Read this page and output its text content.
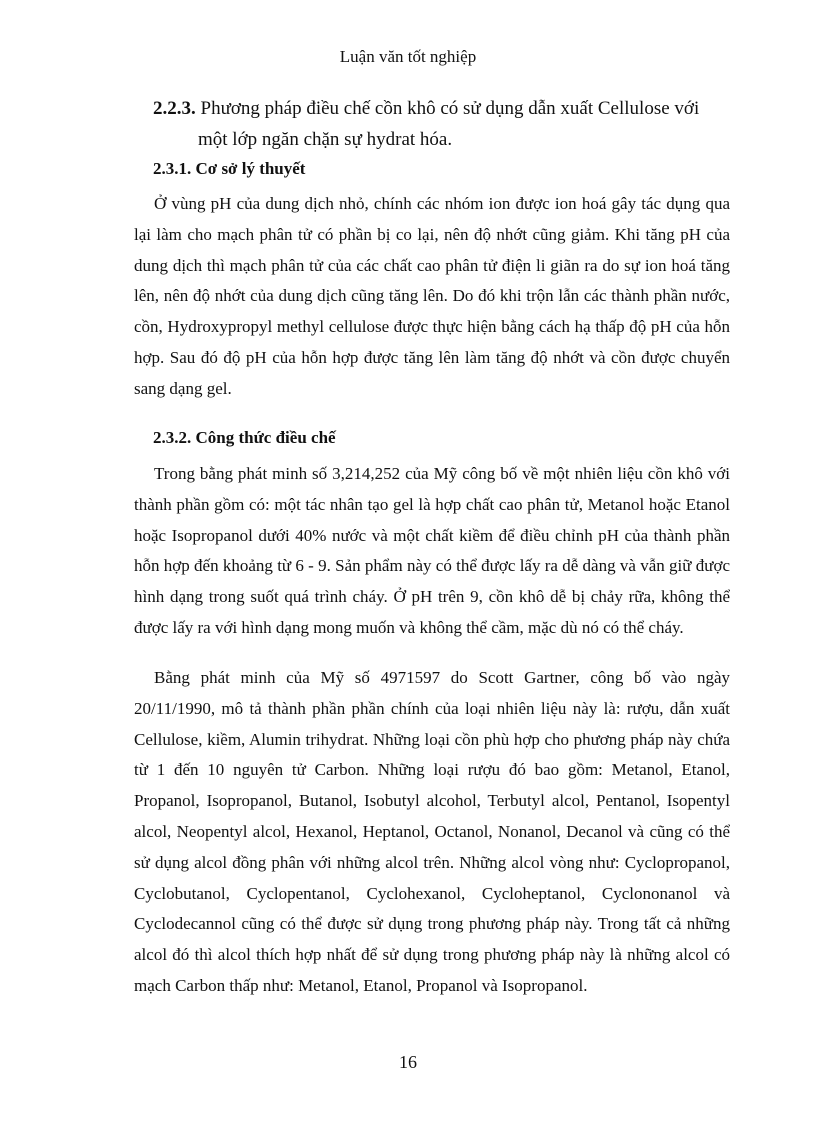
Luận văn tốt nghiệp
2.2.3. Phương pháp điều chế cồn khô có sử dụng dẫn xuất Cellulose với
một lớp ngăn chặn sự hydrat hóa.
2.3.1. Cơ sở lý thuyết
Ở vùng pH của dung dịch nhỏ, chính các nhóm ion được ion hoá gây tác dụng qua lại làm cho mạch phân tử có phần bị co lại, nên độ nhớt cũng giảm. Khi tăng pH của dung dịch thì mạch phân tử của các chất cao phân tử điện li giãn ra do sự ion hoá tăng lên, nên độ nhớt của dung dịch cũng tăng lên. Do đó khi trộn lẫn các thành phần nước, cồn, Hydroxypropyl methyl cellulose được thực hiện bằng cách hạ thấp độ pH của hỗn hợp. Sau đó độ pH của hỗn hợp được tăng lên làm tăng độ nhớt và cồn được chuyển sang dạng gel.
2.3.2. Công thức điều chế
Trong bằng phát minh số 3,214,252 của Mỹ công bố về một nhiên liệu cồn khô với thành phần gồm có: một tác nhân tạo gel là hợp chất cao phân tử, Metanol hoặc Etanol hoặc Isopropanol dưới 40% nước và một chất kiềm để điều chỉnh pH của thành phần hỗn hợp đến khoảng từ 6 - 9. Sản phẩm này có thể được lấy ra dễ dàng và vẫn giữ được hình dạng trong suốt quá trình cháy. Ở pH trên 9, cồn khô dễ bị chảy rữa, không thể được lấy ra với hình dạng mong muốn và không thể cầm, mặc dù nó có thể cháy.
Bằng phát minh của Mỹ số 4971597 do Scott Gartner, công bố vào ngày 20/11/1990, mô tả thành phần phần chính của loại nhiên liệu này là: rượu, dẫn xuất Cellulose, kiềm, Alumin trihydrat. Những loại cồn phù hợp cho phương pháp này chứa từ 1 đến 10 nguyên tử Carbon. Những loại rượu đó bao gồm: Metanol, Etanol, Propanol, Isopropanol, Butanol, Isobutyl alcohol, Terbutyl alcol, Pentanol, Isopentyl alcol, Neopentyl alcol, Hexanol, Heptanol, Octanol, Nonanol, Decanol và cũng có thể sử dụng alcol đồng phân với những alcol trên. Những alcol vòng như: Cyclopropanol, Cyclobutanol, Cyclopentanol, Cyclohexanol, Cycloheptanol, Cyclononanol và Cyclodecannol cũng có thể được sử dụng trong phương pháp này. Trong tất cả những alcol đó thì alcol thích hợp nhất để sử dụng trong phương pháp này là những alcol có mạch Carbon thấp như: Metanol, Etanol, Propanol và Isopropanol.
16
